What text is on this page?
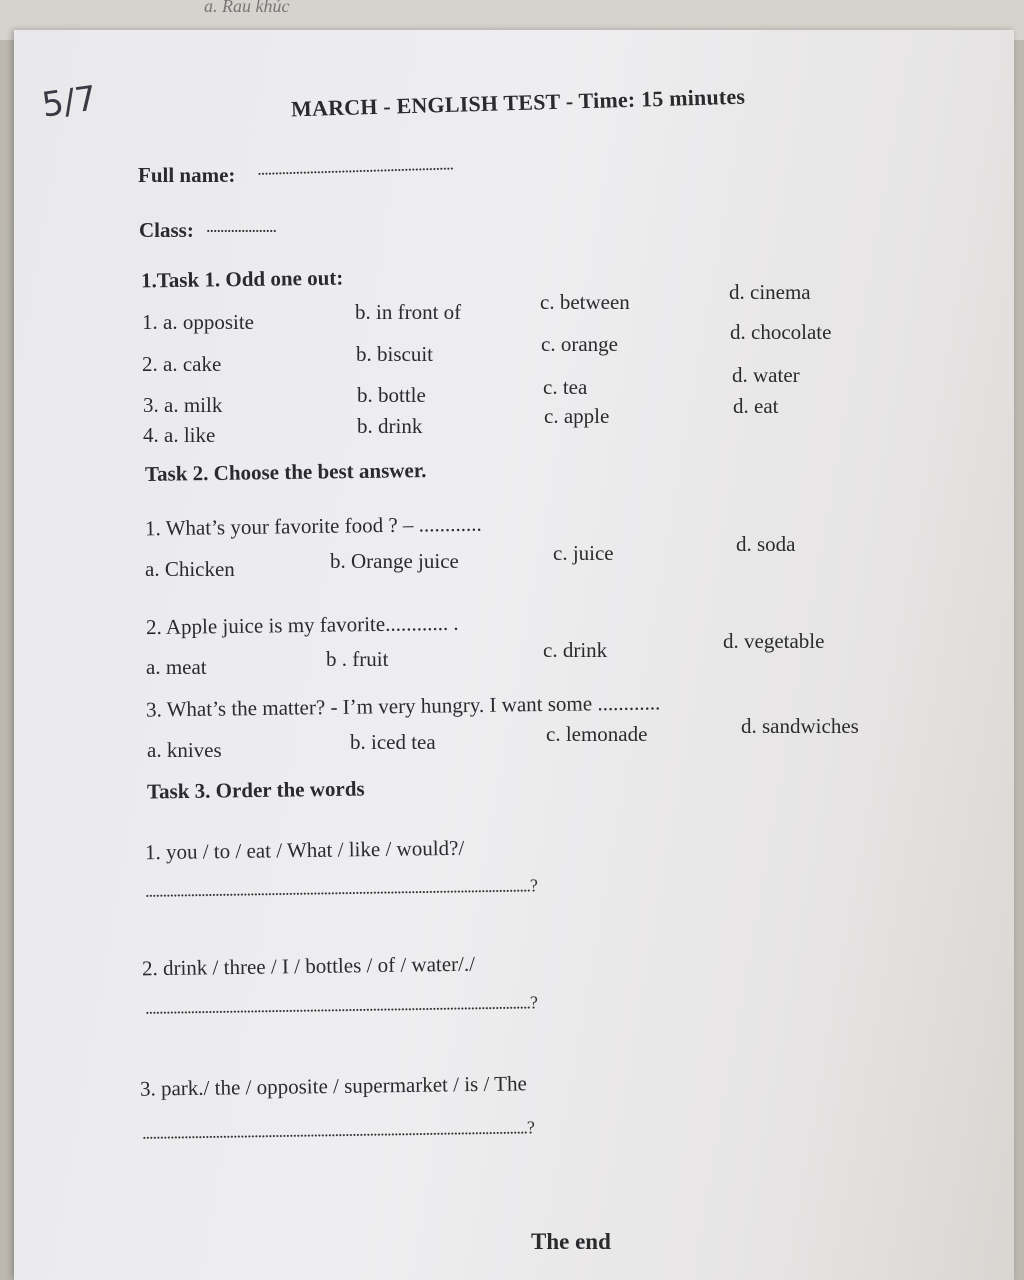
a. Rau khúc
5/7	MARCH - ENGLISH TEST - Time: 15 minutes
Full name: ........................................................
Class: ....................
1.Task 1. Odd one out:
1. a. opposite	b. in front of	c. between	d. cinema
2. a. cake	b. biscuit	c. orange	d. chocolate
3. a. milk	b. bottle	c. tea	d. water
4. a. like	b. drink	c. apple	d. eat
Task 2. Choose the best answer.
1. What’s your favorite food ? – ............
a. Chicken	b. Orange juice	c. juice	d. soda
2. Apple juice is my favorite............ .
a. meat	b . fruit	c. drink	d. vegetable
3. What’s the matter? - I’m very hungry. I want some ............
a. knives	b. iced tea	c. lemonade	d. sandwiches
Task 3. Order the words
1. you / to / eat / What / like / would?/
..............................................................................................................?
2. drink / three / I / bottles / of / water/./
..............................................................................................................?
3. park./ the / opposite / supermarket / is / The
..............................................................................................................?
The end
